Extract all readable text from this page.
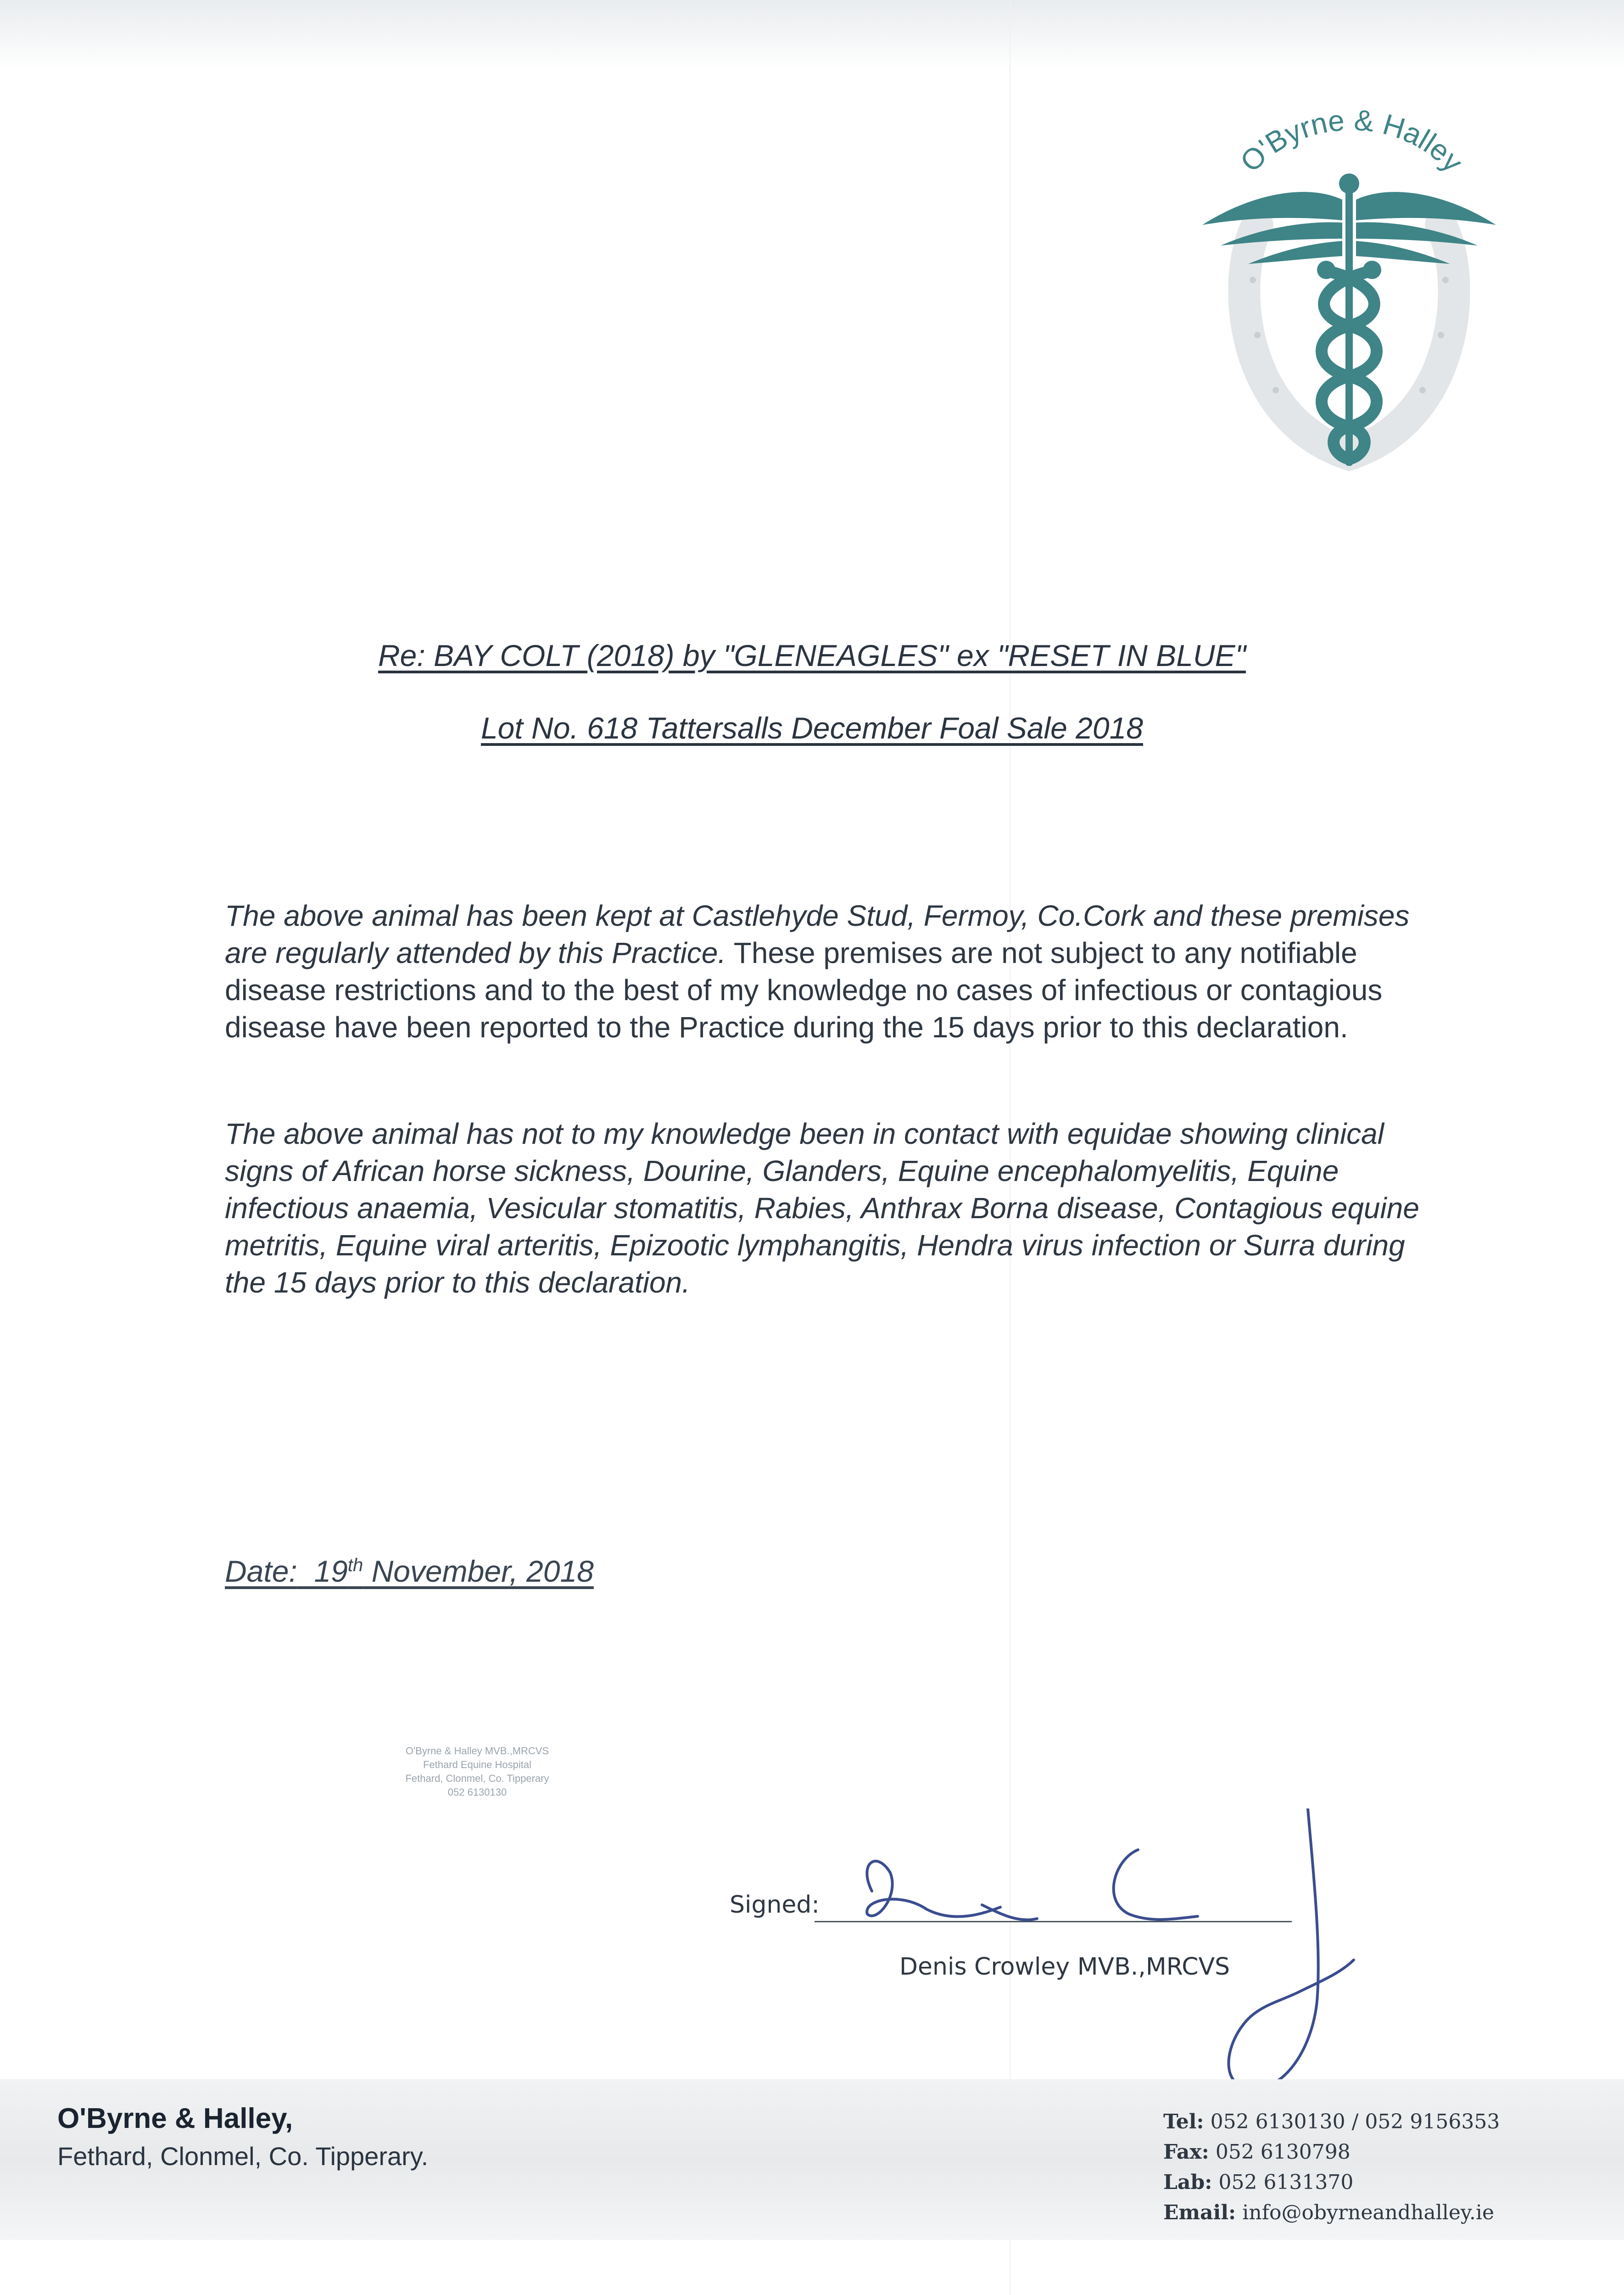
O'Byrne & Halley
Re: BAY COLT (2018) by "GLENEAGLES" ex "RESET IN BLUE"
Lot No. 618 Tattersalls December Foal Sale 2018

The above animal has been kept at Castlehyde Stud, Fermoy, Co.Cork and these premises are regularly attended by this Practice. These premises are not subject to any notifiable disease restrictions and to the best of my knowledge no cases of infectious or contagious disease have been reported to the Practice during the 15 days prior to this declaration.

The above animal has not to my knowledge been in contact with equidae showing clinical signs of African horse sickness, Dourine, Glanders, Equine encephalomyelitis, Equine infectious anaemia, Vesicular stomatitis, Rabies, Anthrax Borna disease, Contagious equine metritis, Equine viral arteritis, Epizootic lymphangitis, Hendra virus infection or Surra during the 15 days prior to this declaration.

Date: 19th November, 2018
O'Byrne & Halley MVB.,MRCVS
Fethard Equine Hospital
Fethard, Clonmel, Co. Tipperary
052 6130130
Signed:
Denis Crowley MVB.,MRCVS
O'Byrne & Halley,
Fethard, Clonmel, Co. Tipperary.
Tel: 052 6130130 / 052 9156353
Fax: 052 6130798
Lab: 052 6131370
Email: info@obyrneandhalley.ie
